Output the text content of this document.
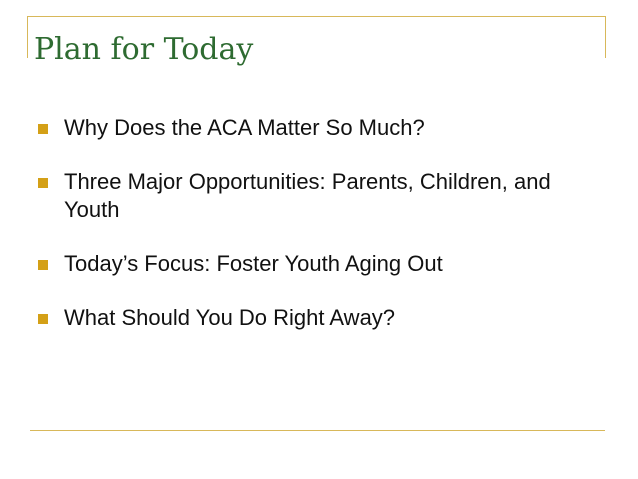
Plan for Today
Why Does the ACA Matter So Much?
Three Major Opportunities: Parents, Children, and Youth
Today’s Focus: Foster Youth Aging Out
What Should You Do Right Away?
